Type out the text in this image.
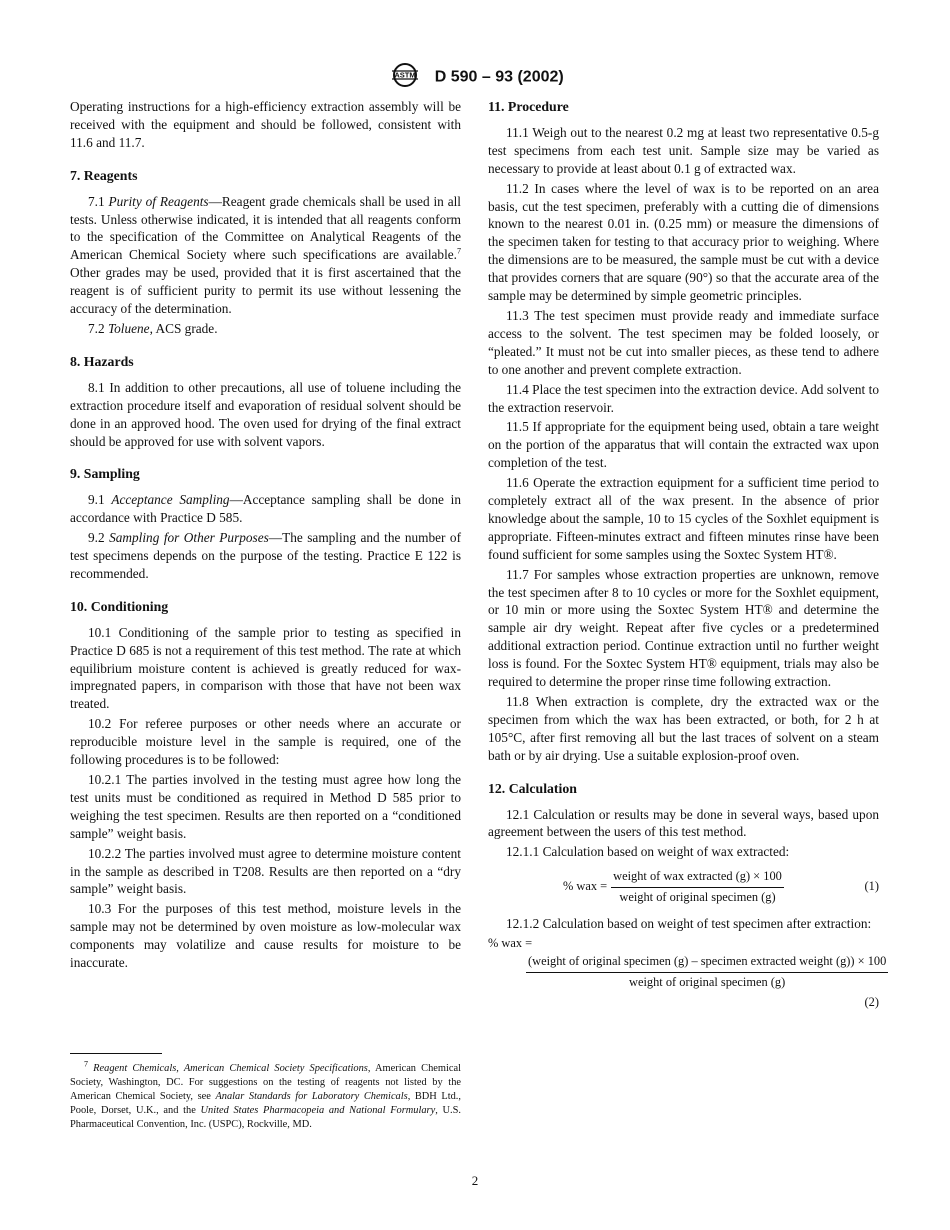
ASTM D 590 – 93 (2002)

Operating instructions for a high-efficiency extraction assembly will be received with the equipment and should be followed, consistent with 11.6 and 11.7.

7. Reagents

7.1 Purity of Reagents—Reagent grade chemicals shall be used in all tests. Unless otherwise indicated, it is intended that all reagents conform to the specification of the Committee on Analytical Reagents of the American Chemical Society where such specifications are available.$^7$ Other grades may be used, provided that it is first ascertained that the reagent is of sufficient purity to permit its use without lessening the accuracy of the determination.

7.2 Toluene, ACS grade.

8. Hazards

8.1 In addition to other precautions, all use of toluene including the extraction procedure itself and evaporation of residual solvent should be done in an approved hood. The oven used for drying of the final extract should be approved for use with solvent vapors.

9. Sampling

9.1 Acceptance Sampling—Acceptance sampling shall be done in accordance with Practice D 585.

9.2 Sampling for Other Purposes—The sampling and the number of test specimens depends on the purpose of the testing. Practice E 122 is recommended.

10. Conditioning

10.1 Conditioning of the sample prior to testing as specified in Practice D 685 is not a requirement of this test method. The rate at which equilibrium moisture content is achieved is greatly reduced for wax-impregnated papers, in comparison with those that have not been wax treated.

10.2 For referee purposes or other needs where an accurate or reproducible moisture level in the sample is required, one of the following procedures is to be followed:

10.2.1 The parties involved in the testing must agree how long the test units must be conditioned as required in Method D 585 prior to weighing the test specimen. Results are then reported on a “conditioned sample” weight basis.

10.2.2 The parties involved must agree to determine moisture content in the sample as described in T208. Results are then reported on a “dry sample” weight basis.

10.3 For the purposes of this test method, moisture levels in the sample may not be determined by oven moisture as low-molecular wax components may volatilize and cause results for moisture to be inaccurate.

$^7$ Reagent Chemicals, American Chemical Society Specifications, American Chemical Society, Washington, DC. For suggestions on the testing of reagents not listed by the American Chemical Society, see Analar Standards for Laboratory Chemicals, BDH Ltd., Poole, Dorset, U.K., and the United States Pharmacopeia and National Formulary, U.S. Pharmaceutical Convention, Inc. (USPC), Rockville, MD.

11. Procedure

11.1 Weigh out to the nearest 0.2 mg at least two representative 0.5-g test specimens from each test unit. Sample size may be varied as necessary to provide at least about 0.1 g of extracted wax.

11.2 In cases where the level of wax is to be reported on an area basis, cut the test specimen, preferably with a cutting die of dimensions known to the nearest 0.01 in. (0.25 mm) or measure the dimensions of the specimen taken for testing to that accuracy prior to weighing. Where the dimensions are to be measured, the sample must be cut with a device that provides corners that are square (90°) so that the accurate area of the sample may be determined by simple geometric principles.

11.3 The test specimen must provide ready and immediate surface access to the solvent. The test specimen may be folded loosely, or “pleated.” It must not be cut into smaller pieces, as these tend to adhere to one another and prevent complete extraction.

11.4 Place the test specimen into the extraction device. Add solvent to the extraction reservoir.

11.5 If appropriate for the equipment being used, obtain a tare weight on the portion of the apparatus that will contain the extracted wax upon completion of the test.

11.6 Operate the extraction equipment for a sufficient time period to completely extract all of the wax present. In the absence of prior knowledge about the sample, 10 to 15 cycles of the Soxhlet equipment is appropriate. Fifteen-minutes extract and fifteen minutes rinse have been found sufficient for some samples using the Soxtec System HT®.

11.7 For samples whose extraction properties are unknown, remove the test specimen after 8 to 10 cycles or more for the Soxhlet equipment, or 10 min or more using the Soxtec System HT® and determine the sample air dry weight. Repeat after five cycles or a predetermined additional extraction period. Continue extraction until no further weight loss is found. For the Soxtec System HT® equipment, trials may also be required to determine the proper rinse time following extraction.

11.8 When extraction is complete, dry the extracted wax or the specimen from which the wax has been extracted, or both, for 2 h at 105°C, after first removing all but the last traces of solvent on a steam bath or by air drying. Use a suitable explosion-proof oven.

12. Calculation

12.1 Calculation or results may be done in several ways, based upon agreement between the users of this test method.

12.1.1 Calculation based on weight of wax extracted:

% wax = $\frac{\text{weight of wax extracted (g) × 100}}{\text{weight of original specimen (g)}}$	(1)

12.1.2 Calculation based on weight of test specimen after extraction:

% wax =
(weight of original specimen (g) – specimen extracted weight (g)) × 100
weight of original specimen (g)
(2)
2
